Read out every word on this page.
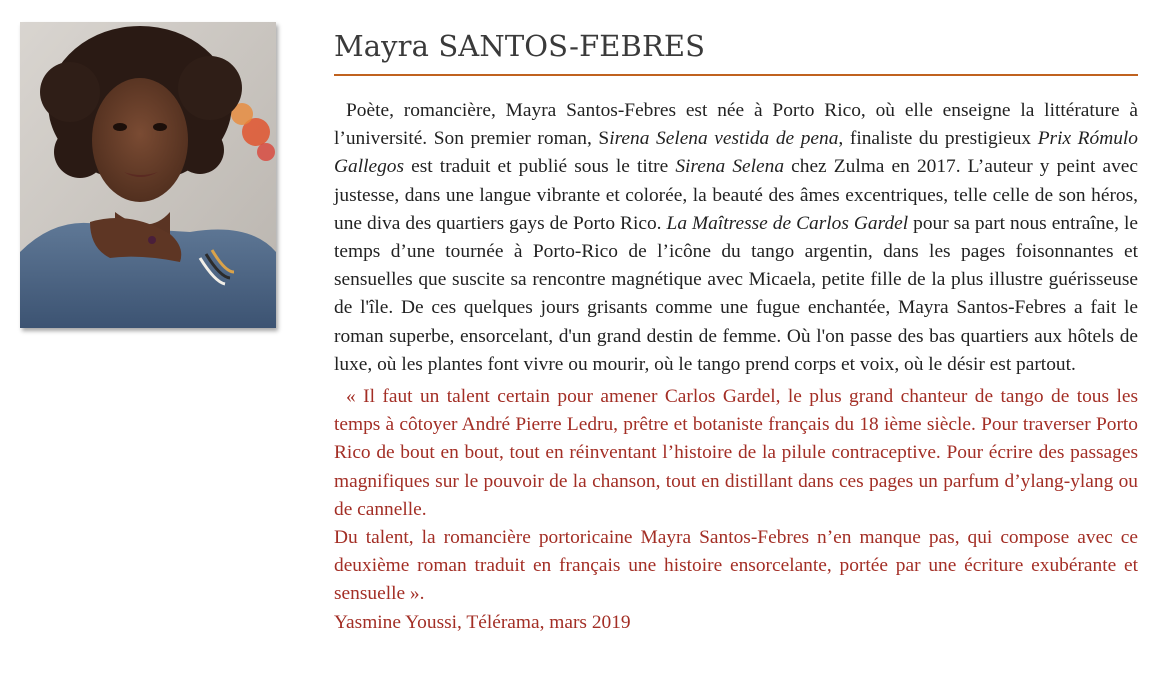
Mayra SANTOS-FEBRES

Poète, romancière, Mayra Santos-Febres est née à Porto Rico, où elle enseigne la littérature à l’université. Son premier roman, Sirena Selena vestida de pena, finaliste du prestigieux Prix Rómulo Gallegos est traduit et publié sous le titre Sirena Selena chez Zulma en 2017. L’auteur y peint avec justesse, dans une langue vibrante et colorée, la beauté des âmes excentriques, telle celle de son héros, une diva des quartiers gays de Porto Rico. La Maîtresse de Carlos Gardel pour sa part nous entraîne, le temps d’une tournée à Porto-Rico de l’icône du tango argentin, dans les pages foisonnantes et sensuelles que suscite sa rencontre magnétique avec Micaela, petite fille de la plus illustre guérisseuse de l'île. De ces quelques jours grisants comme une fugue enchantée, Mayra Santos-Febres a fait le roman superbe, ensorcelant, d'un grand destin de femme. Où l'on passe des bas quartiers aux hôtels de luxe, où les plantes font vivre ou mourir, où le tango prend corps et voix, où le désir est partout.

« Il faut un talent certain pour amener Carlos Gardel, le plus grand chanteur de tango de tous les temps à côtoyer André Pierre Ledru, prêtre et botaniste français du 18 ième siècle. Pour traverser Porto Rico de bout en bout, tout en réinventant l’histoire de la pilule contraceptive. Pour écrire des passages magnifiques sur le pouvoir de la chanson, tout en distillant dans ces pages un parfum d’ylang-ylang ou de cannelle.

Du talent, la romancière portoricaine Mayra Santos-Febres n’en manque pas, qui compose avec ce deuxième roman traduit en français une histoire ensorcelante, portée par une écriture exubérante et sensuelle ».

Yasmine Youssi, Télérama, mars 2019
